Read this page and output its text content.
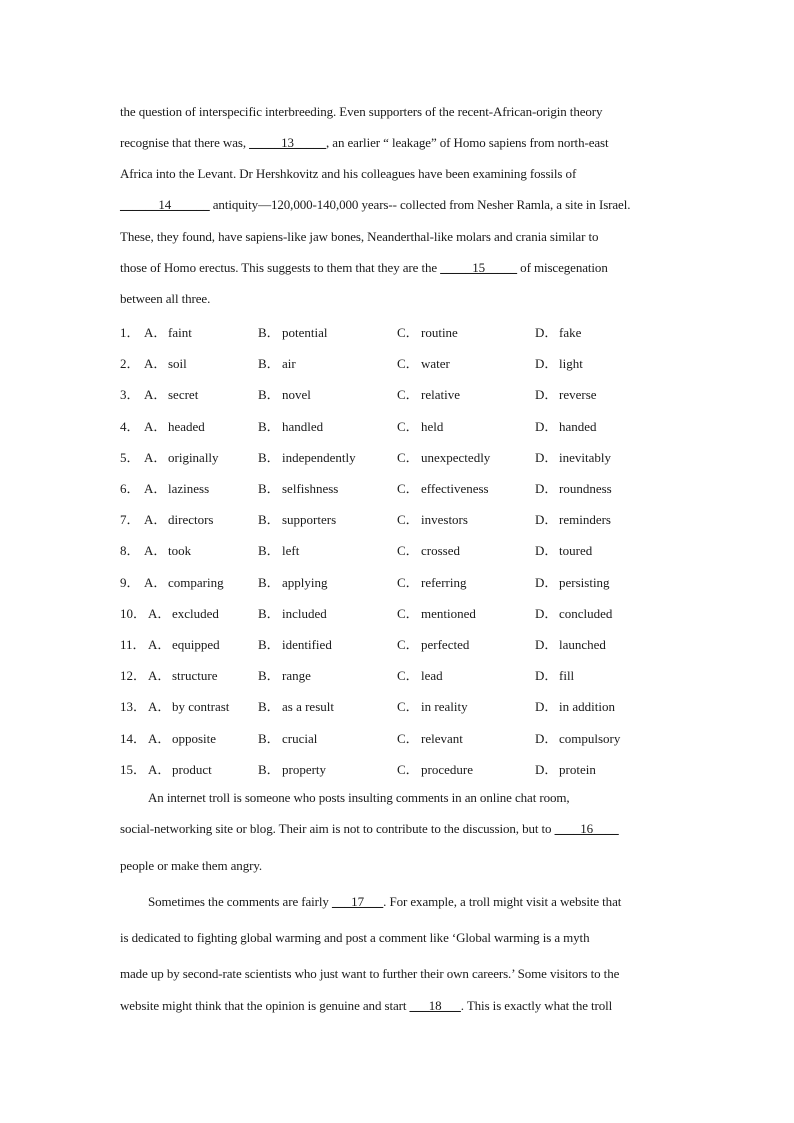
the question of interspecific interbreeding. Even supporters of the recent-African-origin theory
recognise that there was, _____13_____, an earlier “ leakage” of Homo sapiens from north-east
Africa into the Levant. Dr Hershkovitz and his colleagues have been examining fossils of
______14______ antiquity—120,000-140,000 years-- collected from Nesher Ramla, a site in Israel.
These, they found, have sapiens-like jaw bones, Neanderthal-like molars and crania similar to
those of Homo erectus. This suggests to them that they are the _____15_____ of miscegenation
between all three.
1． A． faint	B． potential	C． routine	D． fake
2． A． soil	B． air	C． water	D． light
3． A． secret	B． novel	C． relative	D． reverse
4． A． headed	B． handled	C． held	D． handed
5． A． originally	B． independently	C． unexpectedly	D． inevitably
6． A． laziness	B． selfishness	C． effectiveness	D． roundness
7． A． directors	B． supporters	C． investors	D． reminders
8． A． took	B． left	C． crossed	D． toured
9． A． comparing	B． applying	C． referring	D． persisting
10． A． excluded	B． included	C． mentioned	D． concluded
11． A． equipped	B． identified	C． perfected	D． launched
12． A． structure	B． range	C． lead	D． fill
13． A． by contrast B． as a result	C． in reality	D． in addition
14． A． opposite	B． crucial	C． relevant	D． compulsory
15． A． product	B． property	C． procedure	D． protein
An internet troll is someone who posts insulting comments in an online chat room,
social-networking site or blog. Their aim is not to contribute to the discussion, but to ____16____
people or make them angry.
Sometimes the comments are fairly ___17___. For example, a troll might visit a website that
is dedicated to fighting global warming and post a comment like ‘Global warming is a myth
made up by second-rate scientists who just want to further their own careers.’ Some visitors to the
website might think that the opinion is genuine and start ___18___. This is exactly what the troll
